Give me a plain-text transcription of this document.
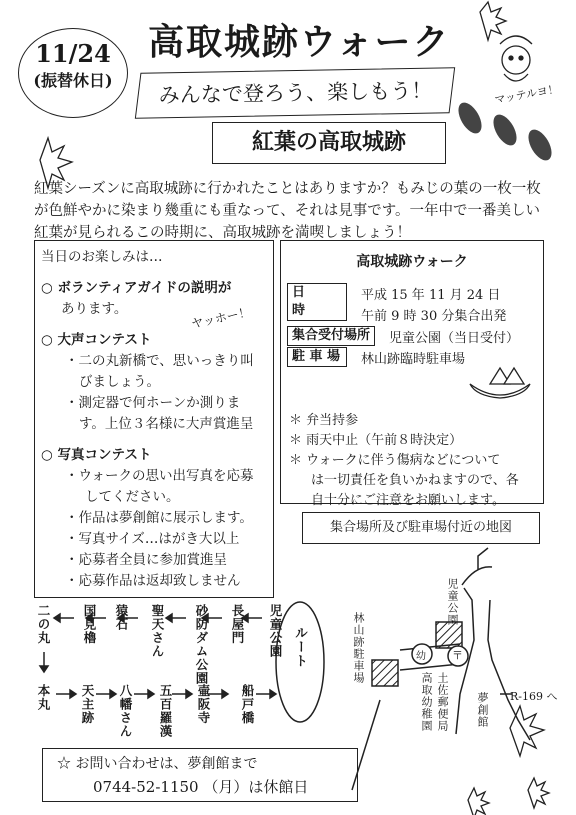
11/24
(振替休日)
高取城跡ウォーク
マッテルヨ！
みんなで登ろう、楽しもう！
紅葉の高取城跡
紅葉シーズンに高取城跡に行かれたことはありますか？もみじの葉の一枚一枚が色鮮やかに染まり幾重にも重なって、それは見事です。一年中で一番美しい紅葉が見られるこの時期に、高取城跡を満喫しましょう！
当日のお楽しみは…
○ ボランティアガイドの説明が
あります。
○ 大声コンテスト
ヤッホー！
・二の丸新橋で、思いっきり叫
びましょう。
・測定器で何ホーンか測りま
す。上位３名様に大声賞進呈
○ 写真コンテスト
・ウォークの思い出写真を応募
してください。
・作品は夢創館に展示します。
・写真サイズ…はがき大以上
・応募者全員に参加賞進呈
・応募作品は返却致しません
高取城跡ウォーク
日　　時
平成 15 年 11 月 24 日
午前 9 時 30 分集合出発
集合受付場所	児童公園（当日受付）
駐 車 場	林山跡臨時駐車場
＊ 弁当持参
＊ 雨天中止（午前８時決定）
＊ ウォークに伴う傷病などについて
は一切責任を負いかねますので、各
自十分にご注意をお願いします。
集合場所及び駐車場付近の地図
児童公園
林山跡駐車場
土佐郵便局
高取幼稚園	夢創館 R-169 へ
幼 〒
ルート
児童公園
長屋門
砂防ダム公園
聖天さん
猿石
国見櫓
二の丸
本丸 天主跡 八幡さん 五百羅漢 壷阪寺 船戸橋
☆ お問い合わせは、夢創館まで
0744-52-1150 （月）は休館日
